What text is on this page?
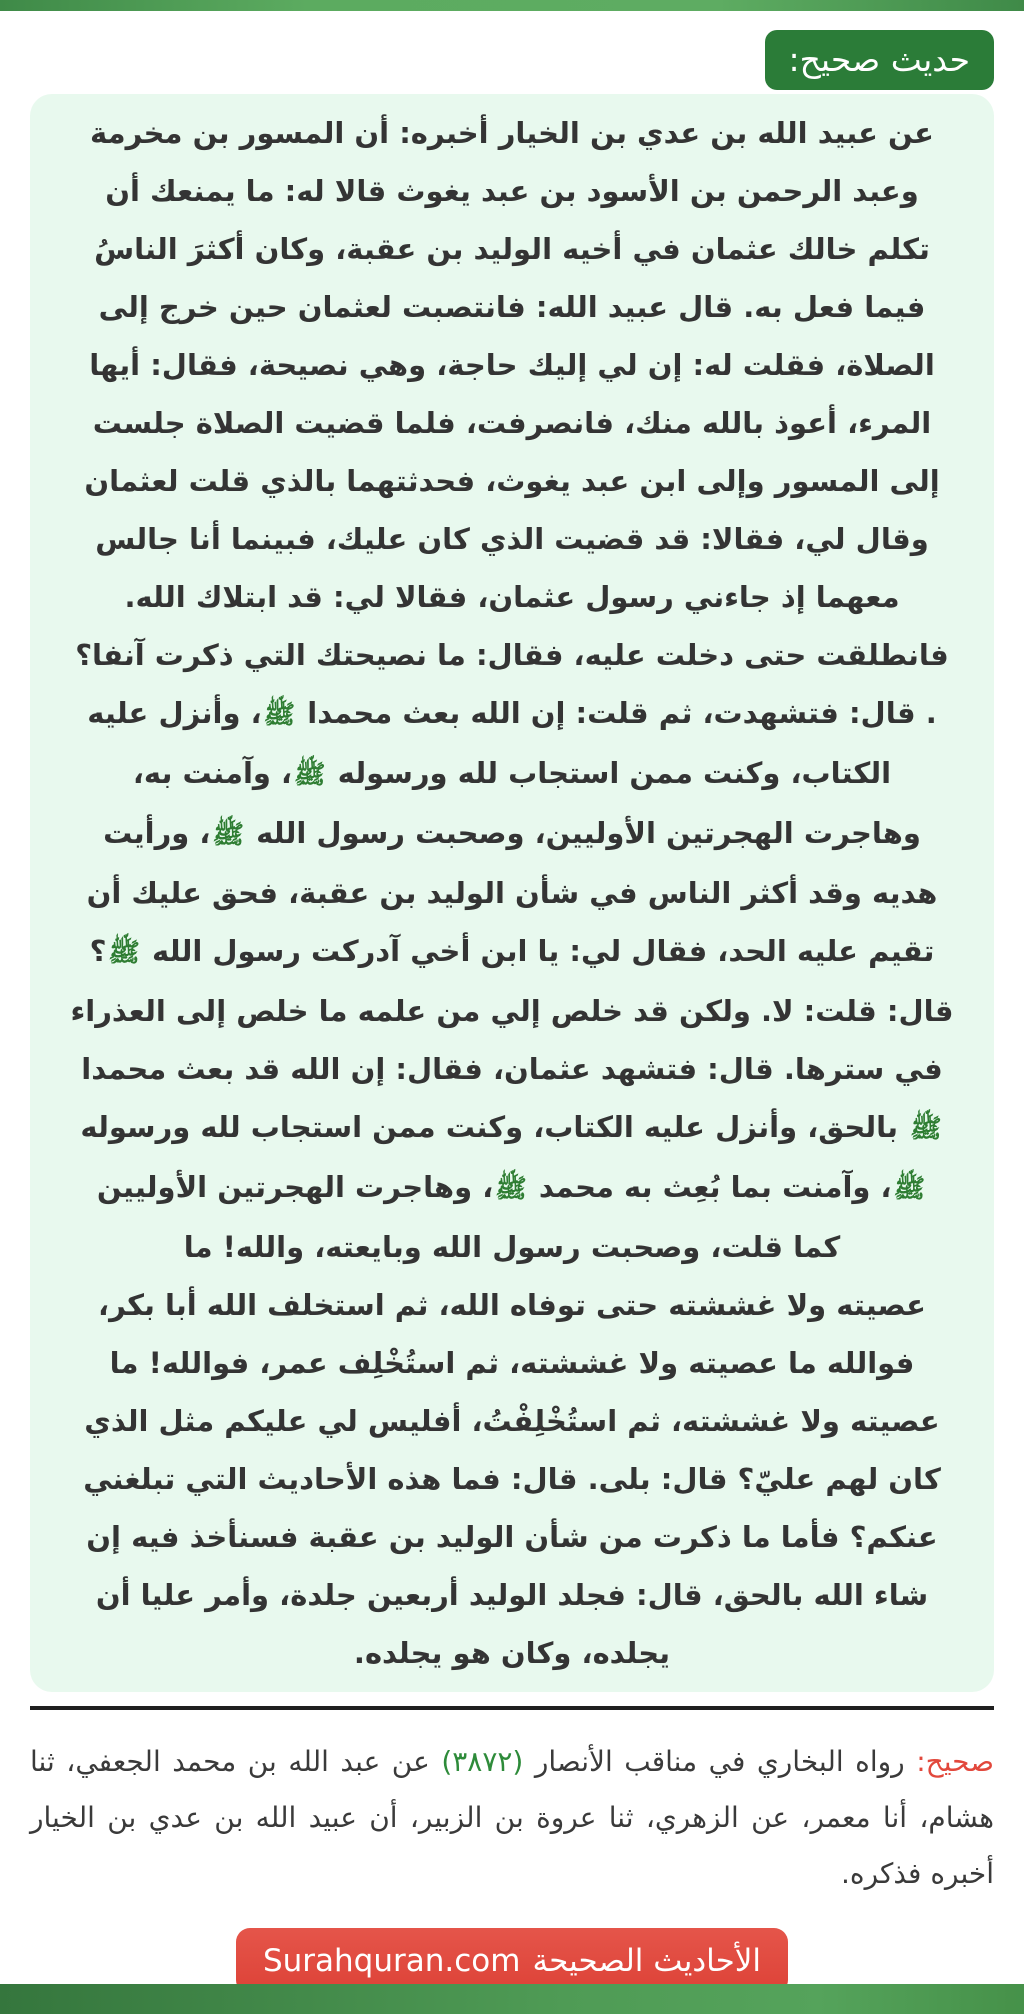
حديث صحيح:
عن عبيد الله بن عدي بن الخيار أخبره: أن المسور بن مخرمة
وعبد الرحمن بن الأسود بن عبد يغوث قالا له: ما يمنعك أن
تكلم خالك عثمان في أخيه الوليد بن عقبة، وكان أكثرَ الناسُ
فيما فعل به. قال عبيد الله: فانتصبت لعثمان حين خرج إلى
الصلاة، فقلت له: إن لي إليك حاجة، وهي نصيحة، فقال: أيها
المرء، أعوذ بالله منك، فانصرفت، فلما قضيت الصلاة جلست
إلى المسور وإلى ابن عبد يغوث، فحدثتهما بالذي قلت لعثمان
وقال لي، فقالا: قد قضيت الذي كان عليك، فبينما أنا جالس
معهما إذ جاءني رسول عثمان، فقالا لي: قد ابتلاك الله.
فانطلقت حتى دخلت عليه، فقال: ما نصيحتك التي ذكرت آنفا؟
. قال: فتشهدت، ثم قلت: إن الله بعث محمدا ﷺ، وأنزل عليه
الكتاب، وكنت ممن استجاب لله ورسوله ﷺ، وآمنت به،
وهاجرت الهجرتين الأوليين، وصحبت رسول الله ﷺ، ورأيت
هديه وقد أكثر الناس في شأن الوليد بن عقبة، فحق عليك أن
تقيم عليه الحد، فقال لي: يا ابن أخي آدركت رسول الله ﷺ؟
قال: قلت: لا. ولكن قد خلص إلي من علمه ما خلص إلى العذراء
في سترها. قال: فتشهد عثمان، فقال: إن الله قد بعث محمدا
ﷺ بالحق، وأنزل عليه الكتاب، وكنت ممن استجاب لله ورسوله
ﷺ، وآمنت بما بُعِث به محمد ﷺ، وهاجرت الهجرتين الأوليين
كما قلت، وصحبت رسول الله وبايعته، والله! ما
عصيته ولا غششته حتى توفاه الله، ثم استخلف الله أبا بكر،
فوالله ما عصيته ولا غششته، ثم استُخْلِف عمر، فوالله! ما
عصيته ولا غششته، ثم استُخْلِفْتُ، أفليس لي عليكم مثل الذي
كان لهم عليّ؟ قال: بلى. قال: فما هذه الأحاديث التي تبلغني
عنكم؟ فأما ما ذكرت من شأن الوليد بن عقبة فسنأخذ فيه إن
شاء الله بالحق، قال: فجلد الوليد أربعين جلدة، وأمر عليا أن
يجلده، وكان هو يجلده.

صحيح: رواه البخاري في مناقب الأنصار (٣٨٧٢) عن عبد الله بن محمد الجعفي، ثنا هشام، أنا معمر، عن الزهري، ثنا عروة بن الزبير، أن عبيد الله بن عدي بن الخيار أخبره فذكره.

الأحاديث الصحيحة
Surahquran.com
